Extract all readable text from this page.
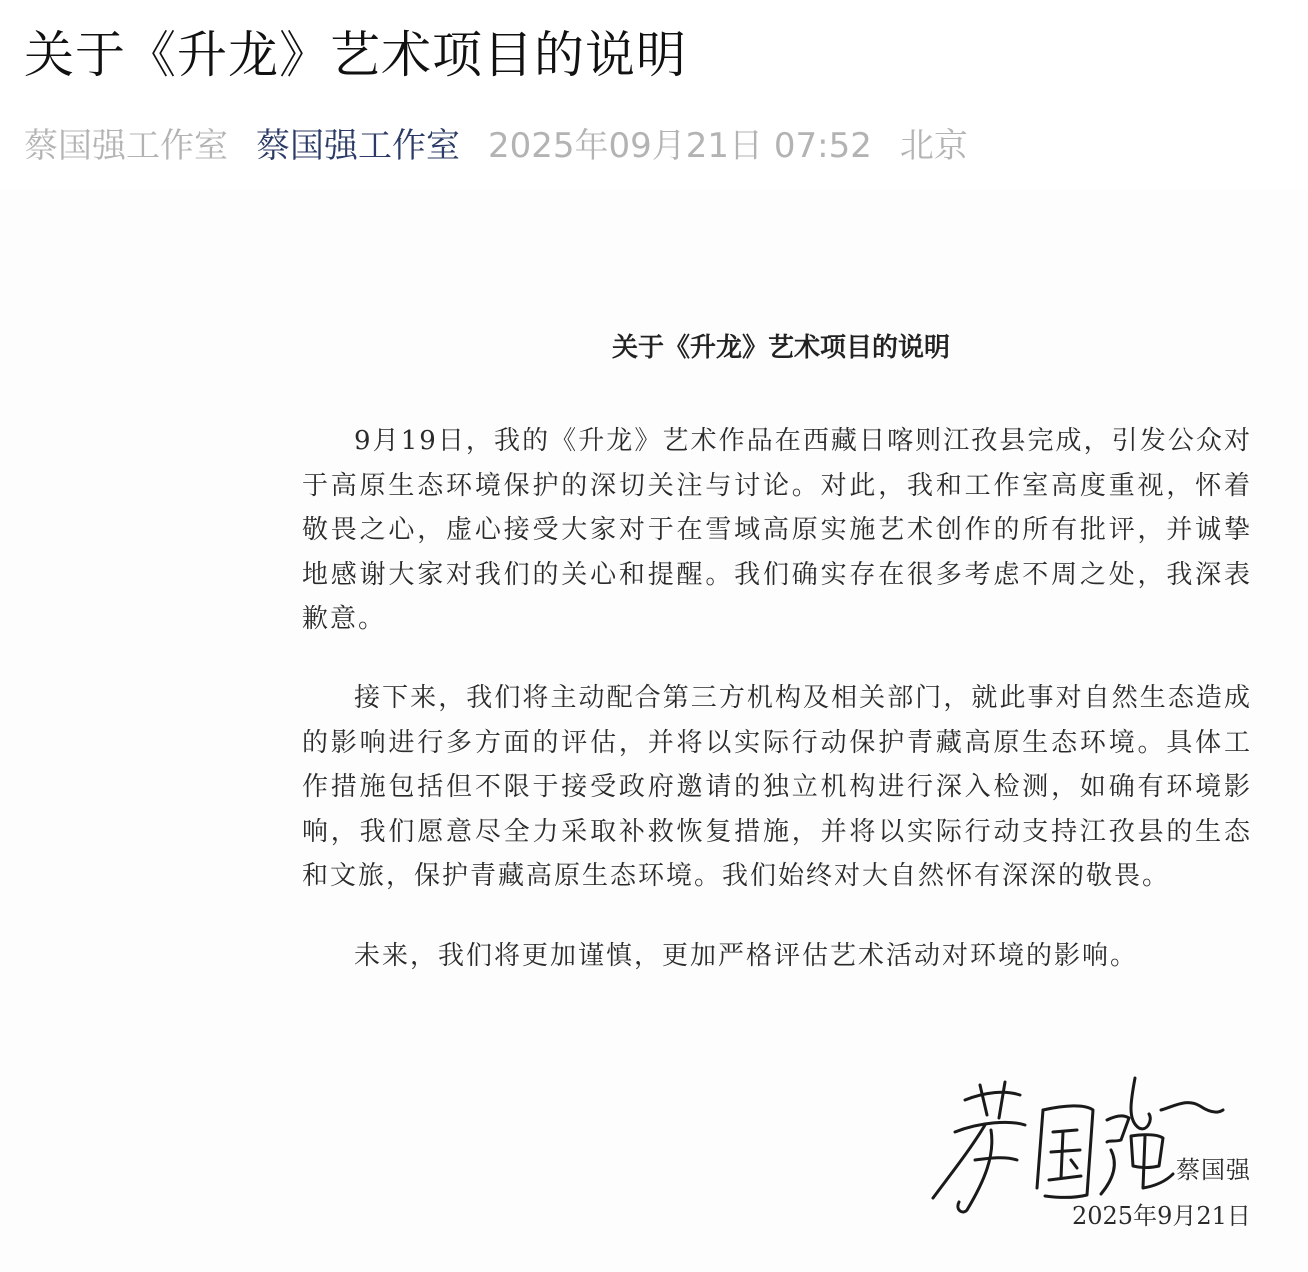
关于《升龙》艺术项目的说明
蔡国强工作室 蔡国强工作室 2025年09月21日 07:52 北京
关于《升龙》艺术项目的说明

9月19日，我的《升龙》艺术作品在西藏日喀则江孜县完成，引发公众对于高原生态环境保护的深切关注与讨论。对此，我和工作室高度重视，怀着敬畏之心，虚心接受大家对于在雪域高原实施艺术创作的所有批评，并诚挚地感谢大家对我们的关心和提醒。我们确实存在很多考虑不周之处，我深表歉意。

接下来，我们将主动配合第三方机构及相关部门，就此事对自然生态造成的影响进行多方面的评估，并将以实际行动保护青藏高原生态环境。具体工作措施包括但不限于接受政府邀请的独立机构进行深入检测，如确有环境影响，我们愿意尽全力采取补救恢复措施，并将以实际行动支持江孜县的生态和文旅，保护青藏高原生态环境。我们始终对大自然怀有深深的敬畏。

未来，我们将更加谨慎，更加严格评估艺术活动对环境的影响。

蔡国强
2025年9月21日
